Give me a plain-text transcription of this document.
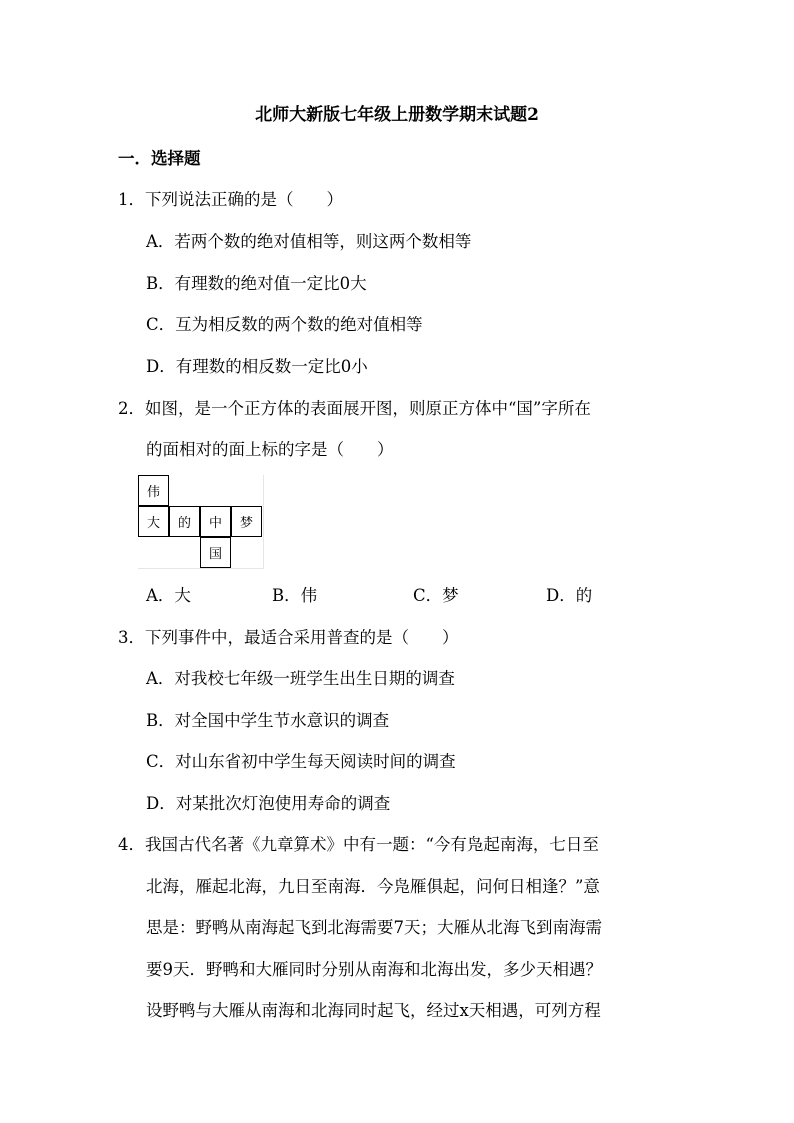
北师大新版七年级上册数学期末试题2
一．选择题
1．下列说法正确的是（　　）
A．若两个数的绝对值相等，则这两个数相等
B．有理数的绝对值一定比0大
C．互为相反数的两个数的绝对值相等
D．有理数的相反数一定比0小
2．如图，是一个正方体的表面展开图，则原正方体中“国”字所在
的面相对的面上标的字是（　　）
伟
大	的	中	梦
国
A．大	B．伟	C．梦	D．的
3．下列事件中，最适合采用普查的是（　　）
A．对我校七年级一班学生出生日期的调查
B．对全国中学生节水意识的调查
C．对山东省初中学生每天阅读时间的调查
D．对某批次灯泡使用寿命的调查
4．我国古代名著《九章算术》中有一题：“今有凫起南海，七日至
北海，雁起北海，九日至南海．今凫雁俱起，问何日相逢？”意
思是：野鸭从南海起飞到北海需要7天；大雁从北海飞到南海需
要9天．野鸭和大雁同时分别从南海和北海出发，多少天相遇？
设野鸭与大雁从南海和北海同时起飞，经过x天相遇，可列方程
